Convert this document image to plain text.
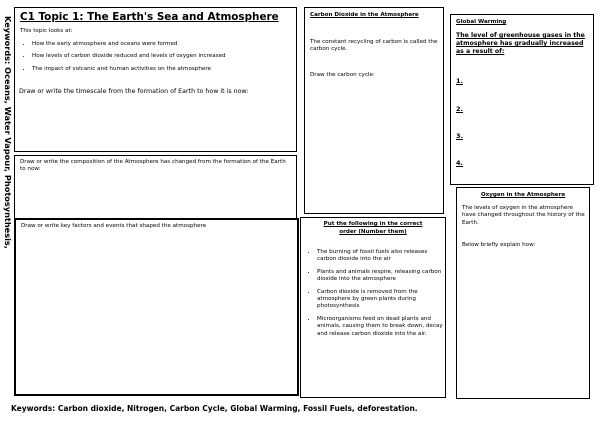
Keywords: Oceans, Water Vapour, Photosynthesis, C1 Topic 1: The Earth's Sea and Atmosphere
This topic looks at:
• How the early atmosphere and oceans were formed
• How levels of carbon dioxide reduced and levels of oxygen increased
• The impact of volcanic and human activities on the atmosphere
Draw or write the timescale from the formation of Earth to how it is now:
Draw or write the composition of the Atmosphere has changed from the formation of the Earth to now:
Draw or write key factors and events that shaped the atmosphere
Carbon Dioxide in the Atmosphere
The constant recycling of carbon is called the carbon cycle.
Draw the carbon cycle:
Put the following in the correct
order (Number them)
• The burning of fossil fuels also releases carbon dioxide into the air
• Plants and animals respire, releasing carbon dioxide into the atmosphere
• Carbon dioxide is removed from the atmosphere by green plants during photosynthesis
• Microorganisms feed on dead plants and animals, causing them to break down, decay and release carbon dioxide into the air.
Global Warming
The level of greenhouse gases in the atmosphere has gradually increased as a result of:
1.
2.
3.
4.
Oxygen in the Atmosphere
The levels of oxygen in the atmosphere have changed throughout the history of the Earth.
Below briefly explain how:
Keywords: Carbon dioxide, Nitrogen, Carbon Cycle, Global Warming, Fossil Fuels, deforestation.
